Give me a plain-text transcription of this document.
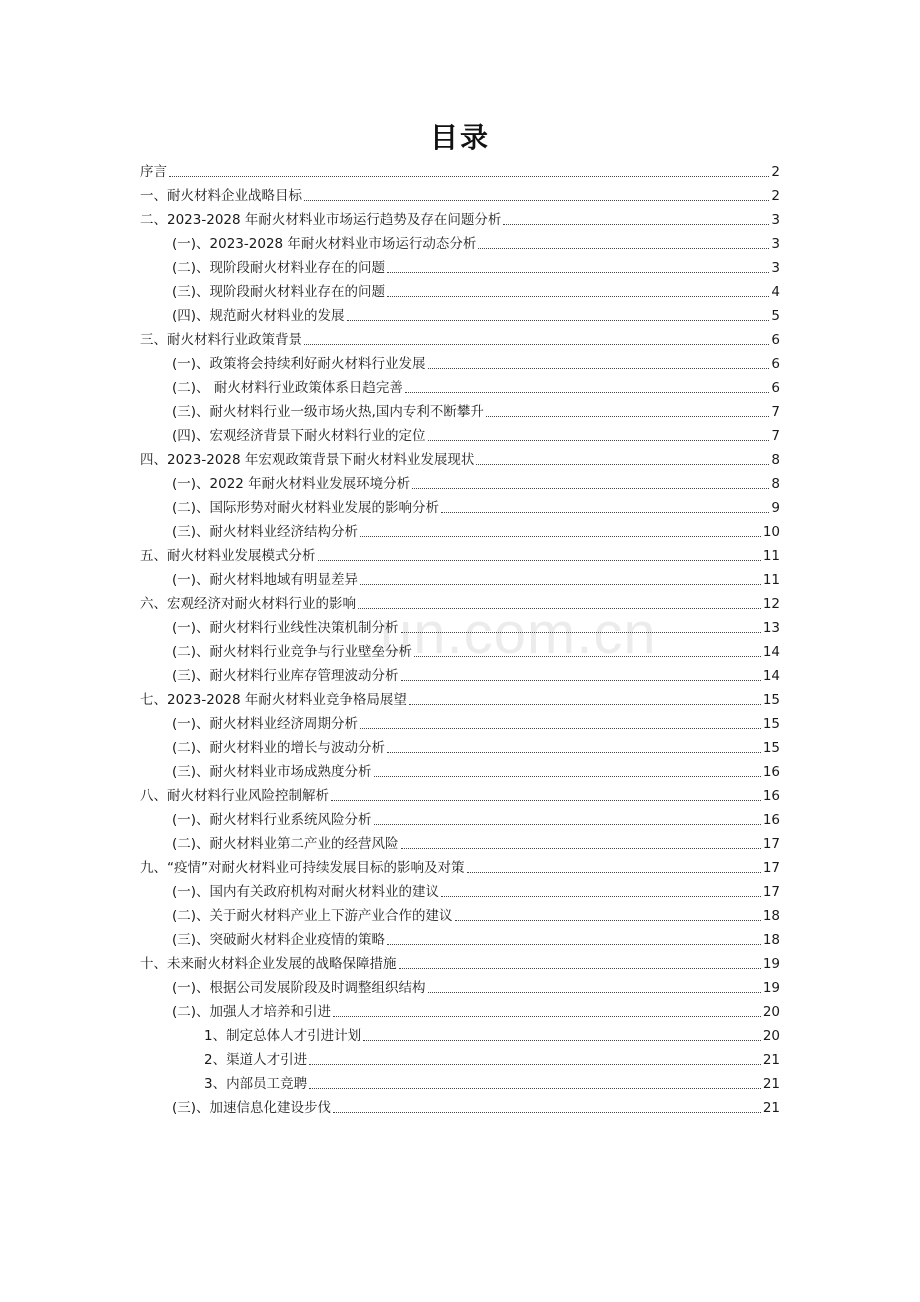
un.com.cn
目录
序言	2
一、耐火材料企业战略目标	2
二、2023-2028 年耐火材料业市场运行趋势及存在问题分析	3
(一)、2023-2028 年耐火材料业市场运行动态分析	3
(二)、现阶段耐火材料业存在的问题	3
(三)、现阶段耐火材料业存在的问题	4
(四)、规范耐火材料业的发展	5
三、耐火材料行业政策背景	6
(一)、政策将会持续利好耐火材料行业发展	6
(二)、 耐火材料行业政策体系日趋完善	6
(三)、耐火材料行业一级市场火热,国内专利不断攀升	7
(四)、宏观经济背景下耐火材料行业的定位	7
四、2023-2028 年宏观政策背景下耐火材料业发展现状	8
(一)、2022 年耐火材料业发展环境分析	8
(二)、国际形势对耐火材料业发展的影响分析	9
(三)、耐火材料业经济结构分析	10
五、耐火材料业发展模式分析	11
(一)、耐火材料地域有明显差异	11
六、宏观经济对耐火材料行业的影响	12
(一)、耐火材料行业线性决策机制分析	13
(二)、耐火材料行业竞争与行业壁垒分析	14
(三)、耐火材料行业库存管理波动分析	14
七、2023-2028 年耐火材料业竞争格局展望	15
(一)、耐火材料业经济周期分析	15
(二)、耐火材料业的增长与波动分析	15
(三)、耐火材料业市场成熟度分析	16
八、耐火材料行业风险控制解析	16
(一)、耐火材料行业系统风险分析	16
(二)、耐火材料业第二产业的经营风险	17
九、“疫情”对耐火材料业可持续发展目标的影响及对策	17
(一)、国内有关政府机构对耐火材料业的建议	17
(二)、关于耐火材料产业上下游产业合作的建议	18
(三)、突破耐火材料企业疫情的策略	18
十、未来耐火材料企业发展的战略保障措施	19
(一)、根据公司发展阶段及时调整组织结构	19
(二)、加强人才培养和引进	20
1、制定总体人才引进计划	20
2、渠道人才引进	21
3、内部员工竞聘	21
(三)、加速信息化建设步伐	21
